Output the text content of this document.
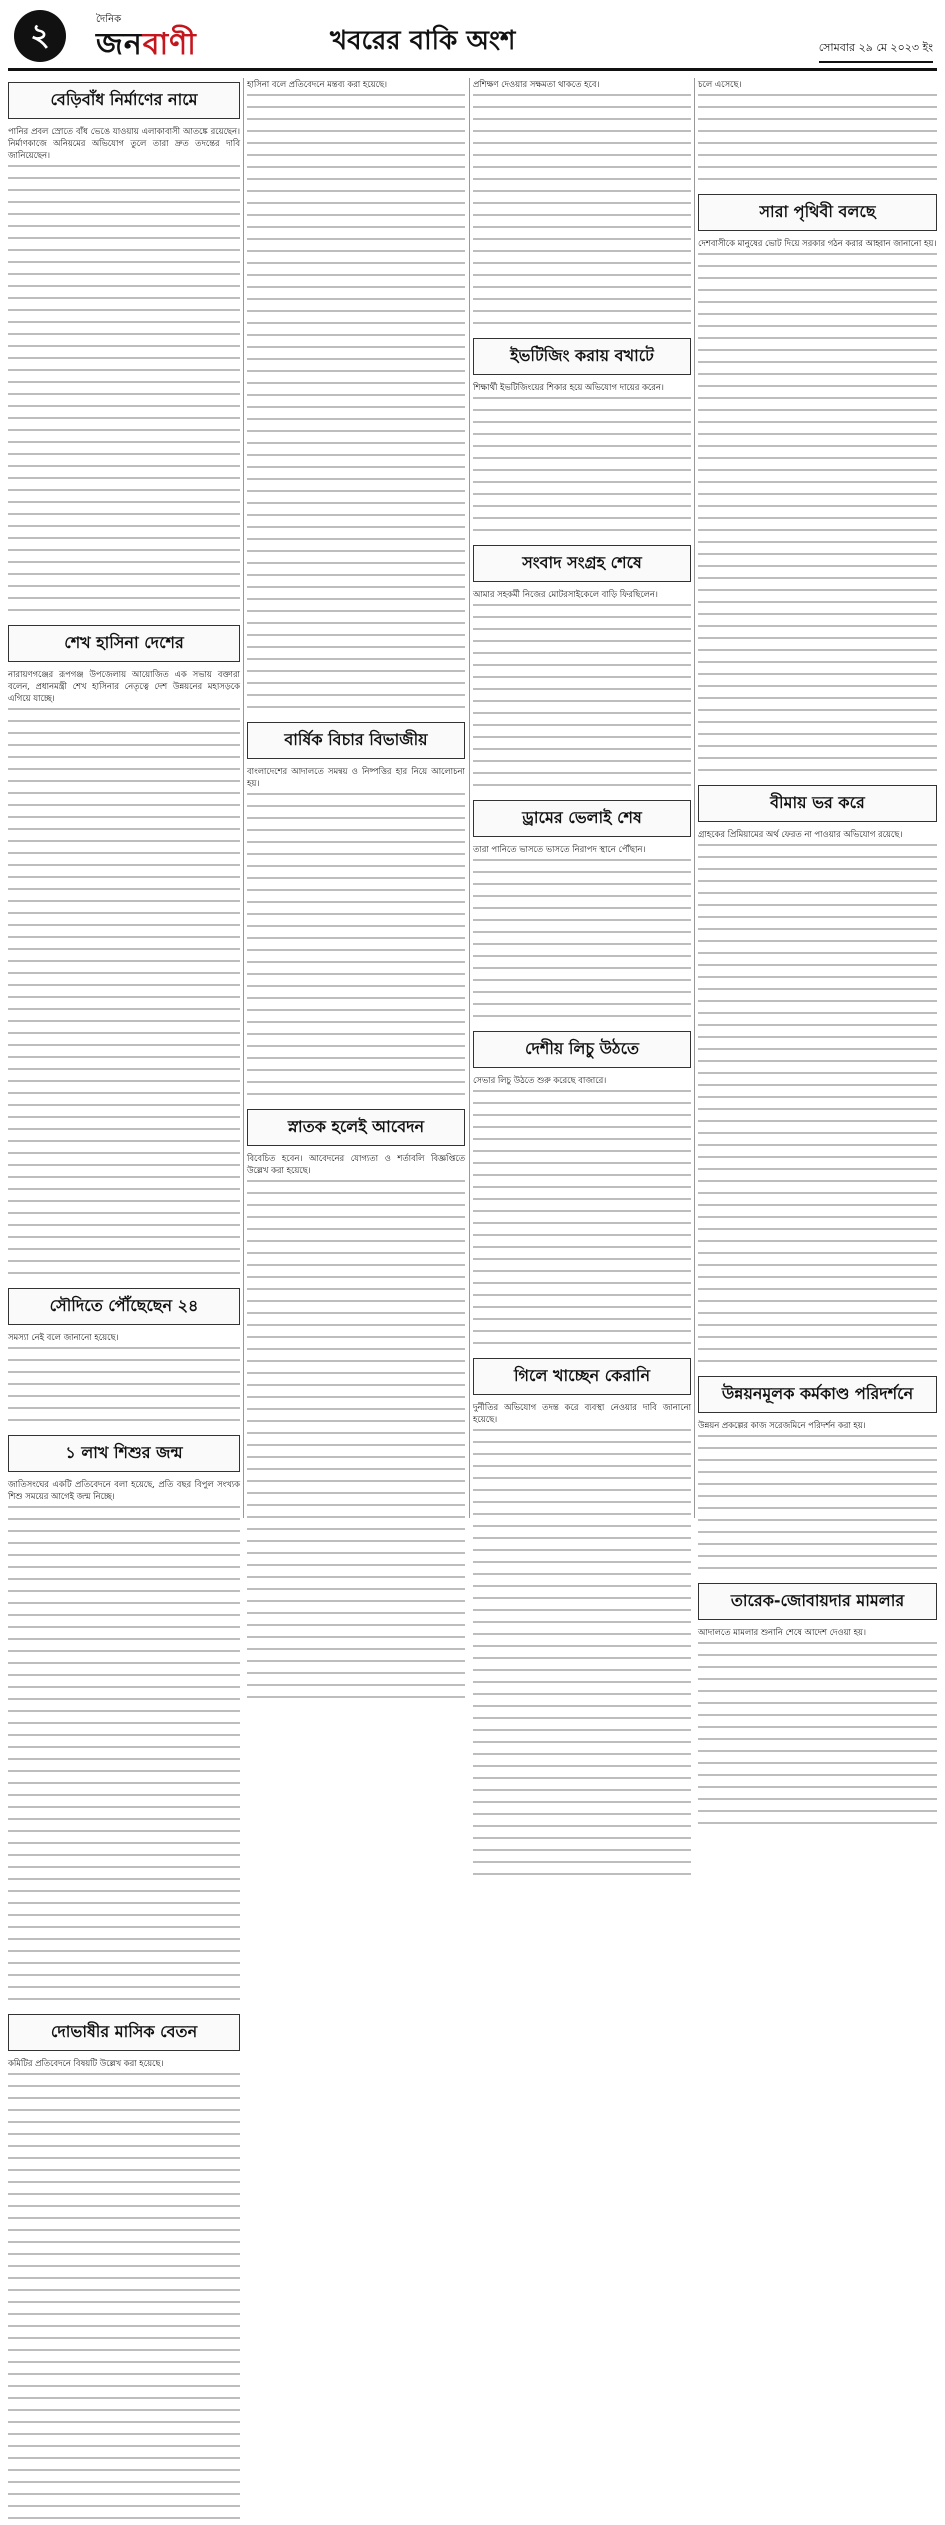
২	দৈনিক
জনবাণী	খবরের বাকি অংশ	সোমবার ২৯ মে ২০২৩ ইং
বেড়িবাঁধ নির্মাণের নামে

পানির প্রবল স্রোতে বাঁধ ভেঙে যাওয়ায় এলাকাবাসী আতঙ্কে রয়েছেন। নির্মাণকাজে অনিয়মের অভিযোগ তুলে তারা দ্রুত তদন্তের দাবি জানিয়েছেন।

শেখ হাসিনা দেশের

নারায়ণগঞ্জের রূপগঞ্জ উপজেলায় আয়োজিত এক সভায় বক্তারা বলেন, প্রধানমন্ত্রী শেখ হাসিনার নেতৃত্বে দেশ উন্নয়নের মহাসড়কে এগিয়ে যাচ্ছে।

সৌদিতে পৌঁছেছেন ২৪

সমস্যা নেই বলে জানানো হয়েছে।

১ লাখ শিশুর জন্ম

জাতিসংঘের একটি প্রতিবেদনে বলা হয়েছে, প্রতি বছর বিপুল সংখ্যক শিশু সময়ের আগেই জন্ম নিচ্ছে।

দোভাষীর মাসিক বেতন

কমিটির প্রতিবেদনে বিষয়টি উল্লেখ করা হয়েছে।

হাসিনা বলে প্রতিবেদনে মন্তব্য করা হয়েছে।

বার্ষিক বিচার বিভাজীয়

বাংলাদেশের আদালতে সমন্বয় ও নিষ্পত্তির হার নিয়ে আলোচনা হয়।

স্নাতক হলেই আবেদন

বিবেচিত হবেন। আবেদনের যোগ্যতা ও শর্তাবলি বিজ্ঞপ্তিতে উল্লেখ করা হয়েছে।

প্রশিক্ষণ দেওয়ার সক্ষমতা থাকতে হবে।

ইভটিজিং করায় বখাটে

শিক্ষার্থী ইভটিজিংয়ের শিকার হয়ে অভিযোগ দায়ের করেন।

সংবাদ সংগ্রহ শেষে

আমার সহকর্মী নিজের মোটরসাইকেলে বাড়ি ফিরছিলেন।

ড্রামের ভেলাই শেষ

তারা পানিতে ভাসতে ভাসতে নিরাপদ স্থানে পৌঁছান।

দেশীয় লিচু উঠতে

সেভার লিচু উঠতে শুরু করেছে বাজারে।

গিলে খাচ্ছেন কেরানি

দুর্নীতির অভিযোগ তদন্ত করে ব্যবস্থা নেওয়ার দাবি জানানো হয়েছে।

চলে এসেছে।

সারা পৃথিবী বলছে

দেশবাসীকে মানুষের ভোট দিয়ে সরকার গঠন করার আহ্বান জানানো হয়।

বীমায় ভর করে

গ্রাহকের প্রিমিয়ামের অর্থ ফেরত না পাওয়ার অভিযোগ রয়েছে।

উন্নয়নমূলক কর্মকাণ্ড পরিদর্শনে

উন্নয়ন প্রকল্পের কাজ সরেজমিনে পরিদর্শন করা হয়।

তারেক-জোবায়দার মামলার

আদালতে মামলার শুনানি শেষে আদেশ দেওয়া হয়।
